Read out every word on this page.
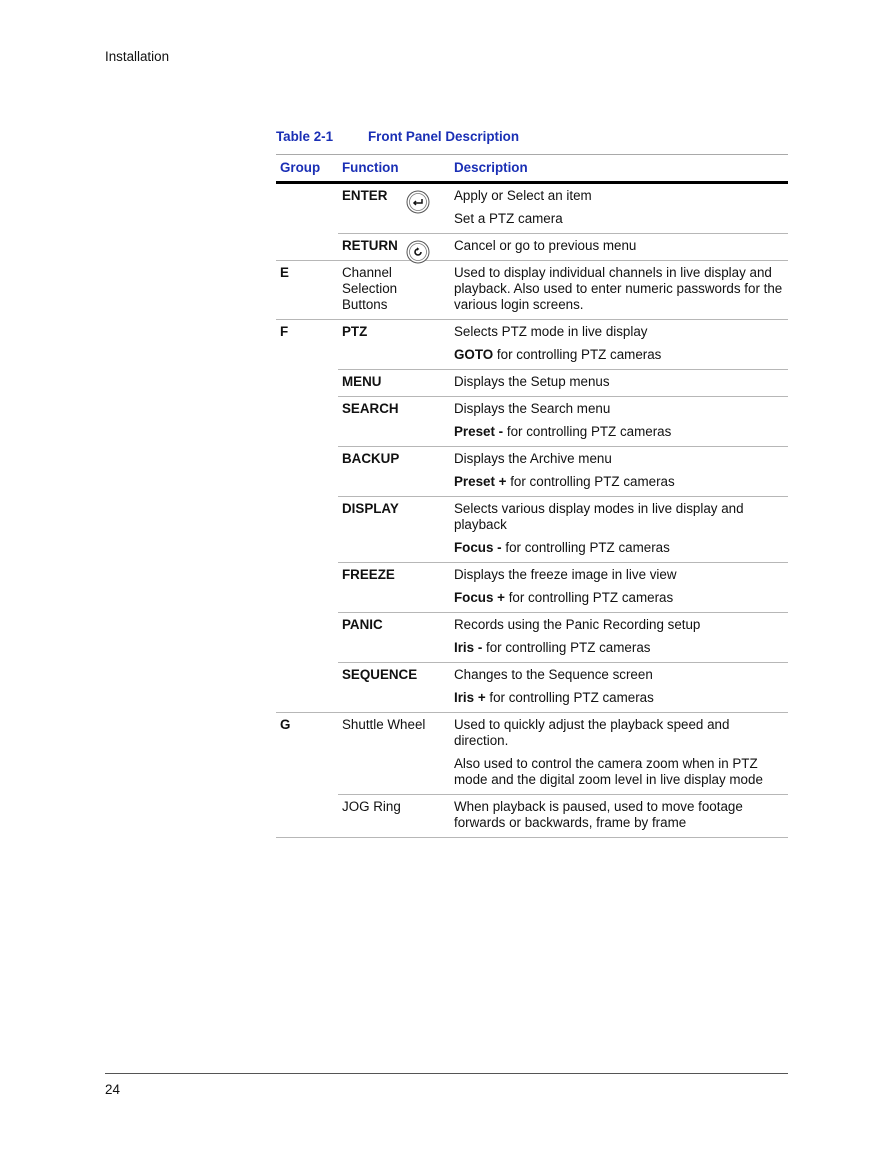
Installation
Table 2-1	Front Panel Description
Group	Function	Description

	ENTER	Apply or Select an item
Set a PTZ camera

	RETURN	Cancel or go to previous menu

E	Channel Selection Buttons	Used to display individual channels in live display and playback. Also used to enter numeric passwords for the various login screens.

F	PTZ	Selects PTZ mode in live display
GOTO for controlling PTZ cameras

	MENU	Displays the Setup menus

	SEARCH	Displays the Search menu
Preset - for controlling PTZ cameras

	BACKUP	Displays the Archive menu
Preset + for controlling PTZ cameras

	DISPLAY	Selects various display modes in live display and playback
Focus - for controlling PTZ cameras

	FREEZE	Displays the freeze image in live view
Focus + for controlling PTZ cameras

	PANIC	Records using the Panic Recording setup
Iris - for controlling PTZ cameras

	SEQUENCE	Changes to the Sequence screen
Iris + for controlling PTZ cameras

G	Shuttle Wheel	Used to quickly adjust the playback speed and direction.
Also used to control the camera zoom when in PTZ mode and the digital zoom level in live display mode

	JOG Ring	When playback is paused, used to move footage forwards or backwards, frame by frame
24
